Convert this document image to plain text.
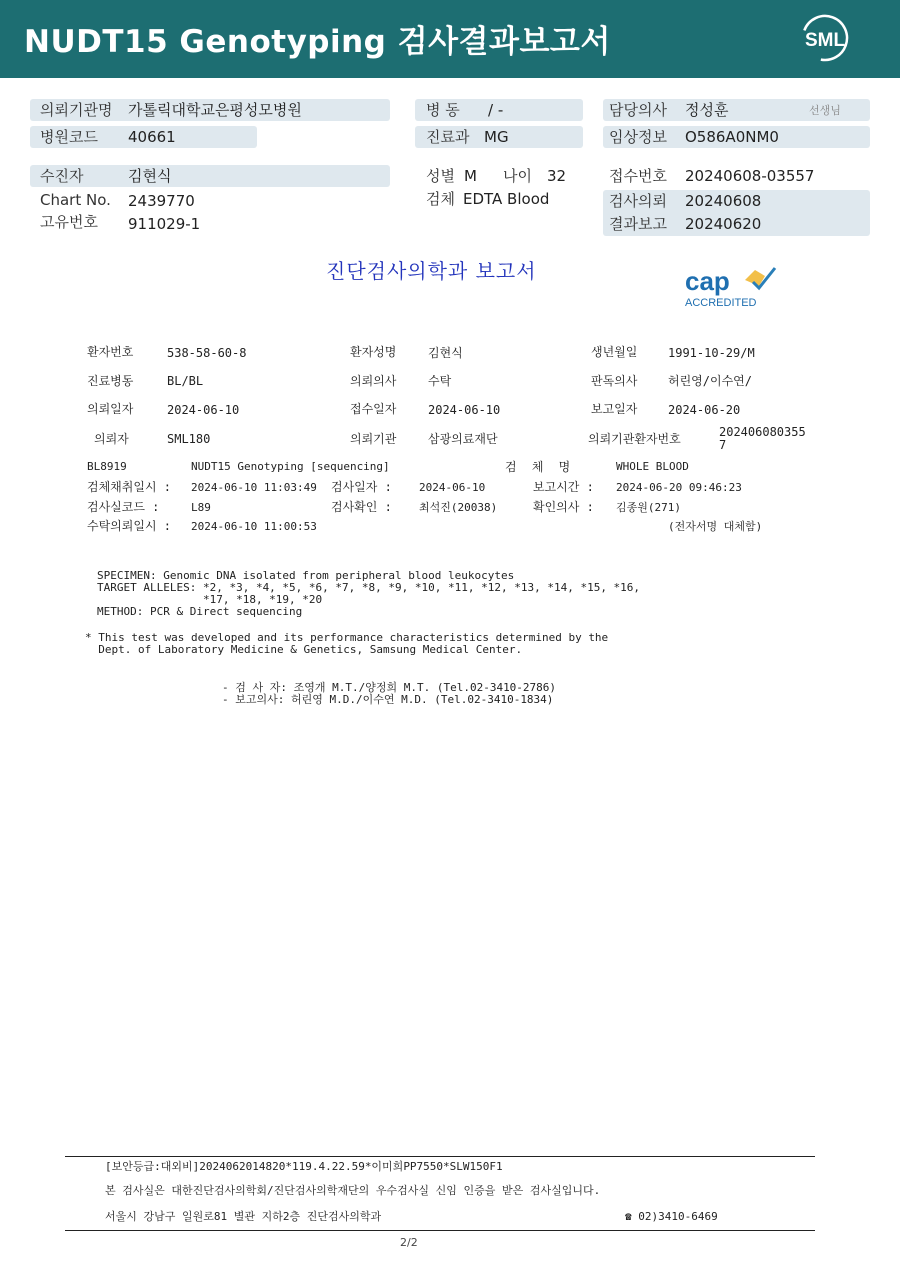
NUDT15 Genotyping 검사결과보고서	SML
의뢰기관명 가톨릭대학교은평성모병원	병 동 / -	담당의사 정성훈	선생님
병원코드 40661	진료과 MG	임상정보 O586A0NM0
수진자	김현식	성별 M 나이 32	접수번호 20240608-03557
Chart No. 2439770	검체 EDTA Blood	검사의뢰 20240608
고유번호 911029-1	결과보고 20240620
진단검사의학과 보고서	cap
ACCREDITED
환자번호	538-58-60-8	환자성명	김현식	생년월일	1991-10-29/M
진료병동	BL/BL	의뢰의사	수탁	판독의사	허린영/이수연/
의뢰일자	2024-06-10	접수일자	2024-06-10	보고일자	2024-06-20
의뢰자	SML180	의뢰기관	삼광의료재단	의뢰기관환자번호	202406080355
7
BL8919	NUDT15 Genotyping [sequencing]	검 체 명	WHOLE BLOOD
검체채취일시 : 2024-06-10 11:03:49 검사일자 : 2024-06-10	보고시간 : 2024-06-20 09:46:23
검사실코드 :	L89	검사확인 : 최석진(20038)	확인의사 : 김종원(271)
수탁의뢰일시 : 2024-06-10 11:00:53	(전자서명 대체함)
SPECIMEN: Genomic DNA isolated from peripheral blood leukocytes
TARGET ALLELES: *2, *3, *4, *5, *6, *7, *8, *9, *10, *11, *12, *13, *14, *15, *16,
*17, *18, *19, *20
METHOD: PCR & Direct sequencing
* This test was developed and its performance characteristics determined by the
Dept. of Laboratory Medicine & Genetics, Samsung Medical Center.
- 검 사 자: 조영개 M.T./양정희 M.T. (Tel.02-3410-2786)
- 보고의사: 허린영 M.D./이수연 M.D. (Tel.02-3410-1834)
[보안등급:대외비]2024062014820*119.4.22.59*이미희PP7550*SLW150F1
본 검사실은 대한진단검사의학회/진단검사의학재단의 우수검사실 신임 인증을 받은 검사실입니다.
서울시 강남구 일원로81 별관 지하2층 진단검사의학과	☎ 02)3410-6469
2/2
